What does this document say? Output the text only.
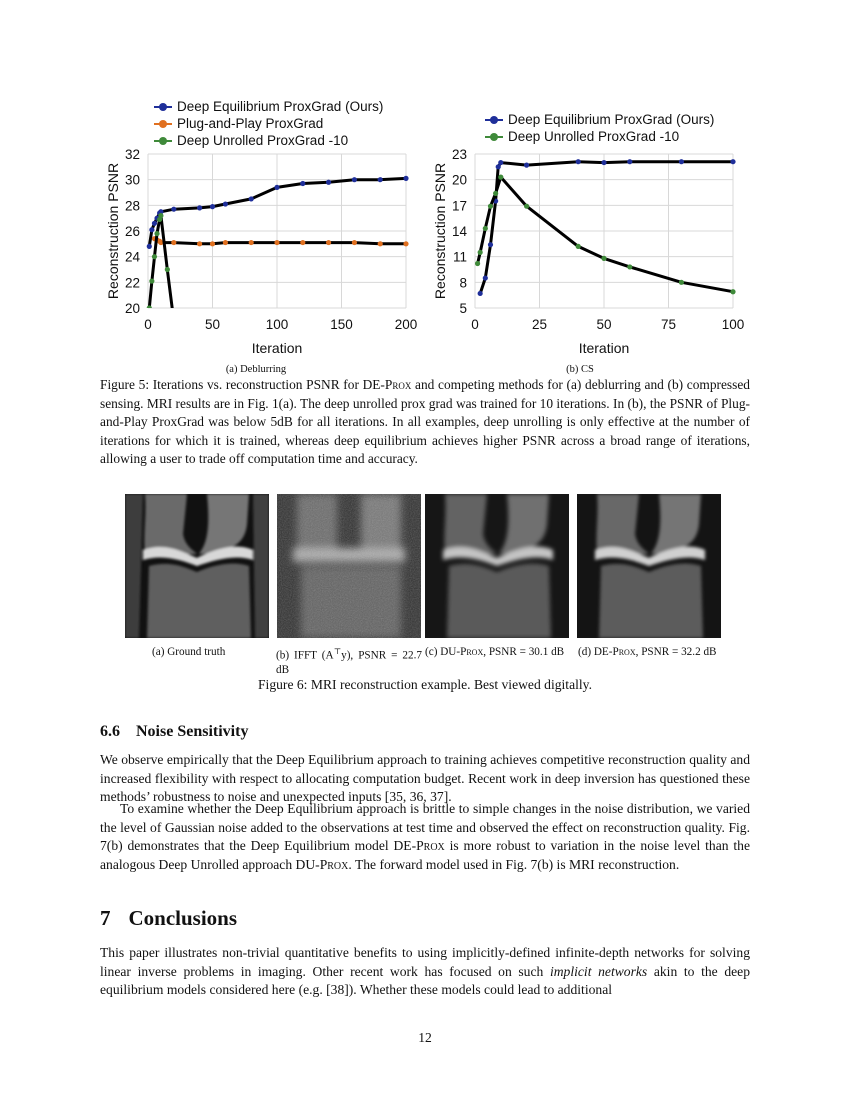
0	50	100	150	200
20
22
24
26
28
30
32
Iteration
Reconstruction PSNR
Deep Equilibrium ProxGrad (Ours)
Plug-and-Play ProxGrad
Deep Unrolled ProxGrad -10
(a) Deblurring
0	25	50	75	100
5
8
11
14
17
20
23
Iteration
Reconstruction PSNR
Deep Equilibrium ProxGrad (Ours)
Deep Unrolled ProxGrad -10
(b) CS
Figure 5: Iterations vs. reconstruction PSNR for DE-Prox and competing methods for (a) deblurring and (b) compressed sensing. MRI results are in Fig. 1(a). The deep unrolled prox grad was trained for 10 iterations. In (b), the PSNR of Plug-and-Play ProxGrad was below 5dB for all iterations. In all examples, deep unrolling is only effective at the number of iterations for which it is trained, whereas deep equilibrium achieves higher PSNR across a broad range of iterations, allowing a user to trade off computation time and accuracy.
(a) Ground truth	(b) IFFT (A⊤y), PSNR = 22.7 dB
(c) DU-Prox, PSNR = 30.1 dB	(d) DE-Prox, PSNR = 32.2 dB
Figure 6: MRI reconstruction example. Best viewed digitally.
6.6 Noise Sensitivity
We observe empirically that the Deep Equilibrium approach to training achieves competitive reconstruction quality and increased flexibility with respect to allocating computation budget. Recent work in deep inversion has questioned these methods’ robustness to noise and unexpected inputs [35, 36, 37].
To examine whether the Deep Equilibrium approach is brittle to simple changes in the noise distribution, we varied the level of Gaussian noise added to the observations at test time and observed the effect on reconstruction quality. Fig. 7(b) demonstrates that the Deep Equilibrium model DE-Prox is more robust to variation in the noise level than the analogous Deep Unrolled approach DU-Prox. The forward model used in Fig. 7(b) is MRI reconstruction.
7 Conclusions
This paper illustrates non-trivial quantitative benefits to using implicitly-defined infinite-depth networks for solving linear inverse problems in imaging. Other recent work has focused on such implicit networks akin to the deep equilibrium models considered here (e.g. [38]). Whether these models could lead to additional
12
